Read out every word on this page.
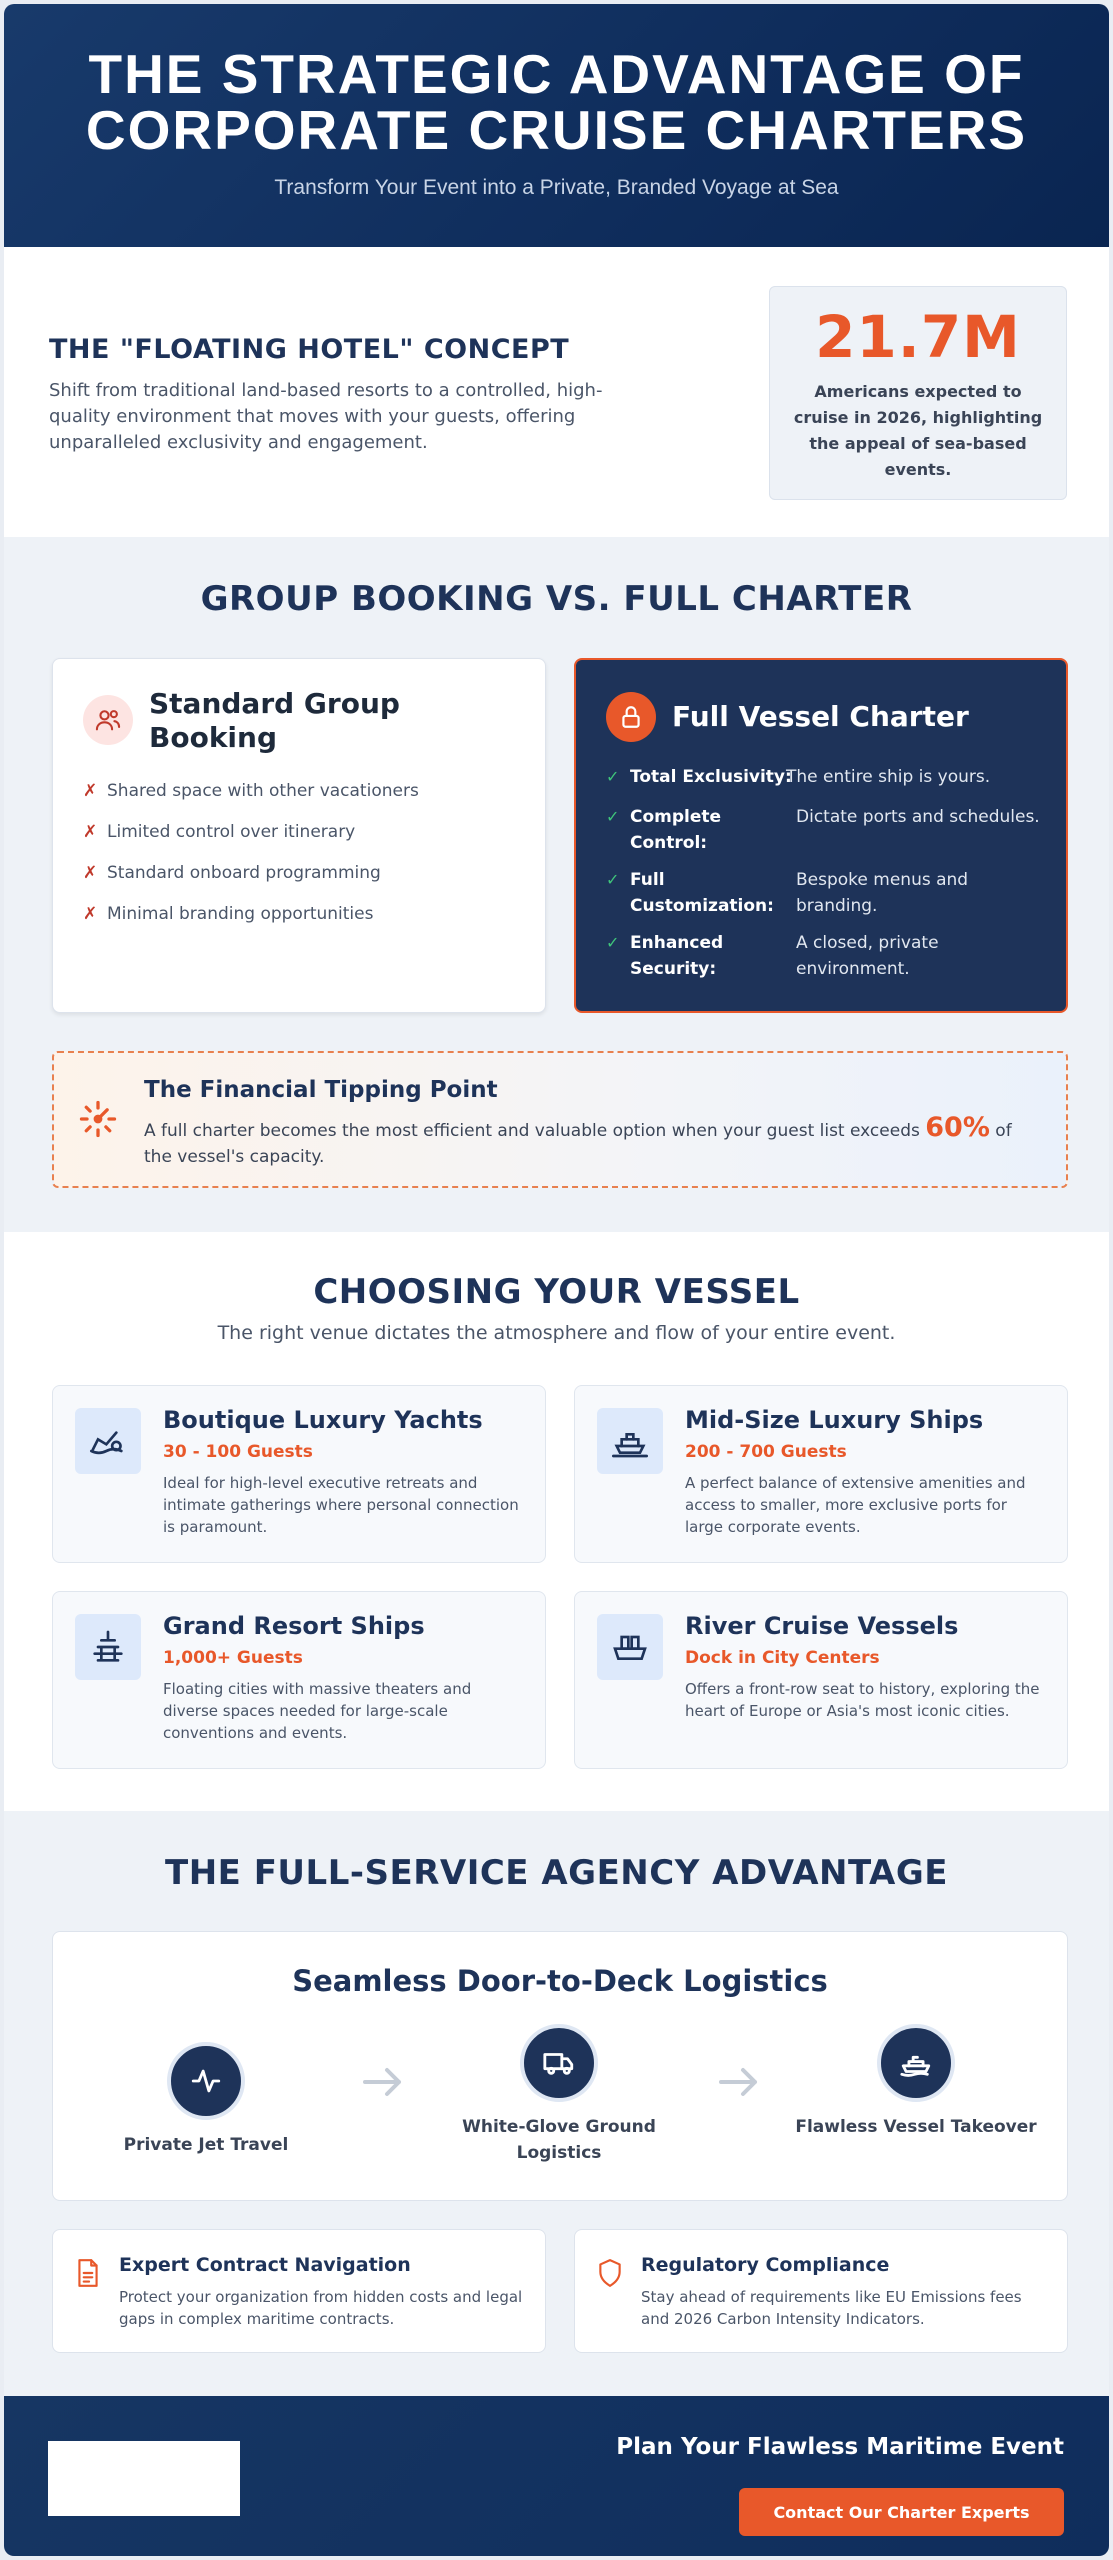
THE STRATEGIC ADVANTAGE OF
CORPORATE CRUISE CHARTERS
Transform Your Event into a Private, Branded Voyage at Sea
THE "FLOATING HOTEL" CONCEPT
Shift from traditional land-based resorts to a controlled, high-quality environment that moves with your guests, offering unparalleled exclusivity and engagement.
21.7M
Americans expected to cruise in 2026, highlighting the appeal of sea-based events.
GROUP BOOKING VS. FULL CHARTER
Standard Group Booking
✗ Shared space with other vacationers
✗ Limited control over itinerary
✗ Standard onboard programming
✗ Minimal branding opportunities
Full Vessel Charter
✓ Total Exclusivity:
The entire ship is yours.
✓ Complete Control:
Dictate ports and schedules.
✓ Full Customization:
Bespoke menus and branding.
✓ Enhanced Security:
A closed, private environment.
The Financial Tipping Point
A full charter becomes the most efficient and valuable option when your guest list exceeds 60% of the vessel's capacity.
CHOOSING YOUR VESSEL
The right venue dictates the atmosphere and flow of your entire event.
Boutique Luxury Yachts
30 - 100 Guests
Ideal for high-level executive retreats and intimate gatherings where personal connection is paramount.
Mid-Size Luxury Ships
200 - 700 Guests
A perfect balance of extensive amenities and access to smaller, more exclusive ports for large corporate events.
Grand Resort Ships
1,000+ Guests
Floating cities with massive theaters and diverse spaces needed for large-scale conventions and events.
River Cruise Vessels
Dock in City Centers
Offers a front-row seat to history, exploring the heart of Europe or Asia's most iconic cities.
THE FULL-SERVICE AGENCY ADVANTAGE
Seamless Door-to-Deck Logistics
Private Jet Travel
White-Glove Ground Logistics
Flawless Vessel Takeover
Expert Contract Navigation
Protect your organization from hidden costs and legal gaps in complex maritime contracts.
Regulatory Compliance
Stay ahead of requirements like EU Emissions fees and 2026 Carbon Intensity Indicators.
Plan Your Flawless Maritime Event
Contact Our Charter Experts
